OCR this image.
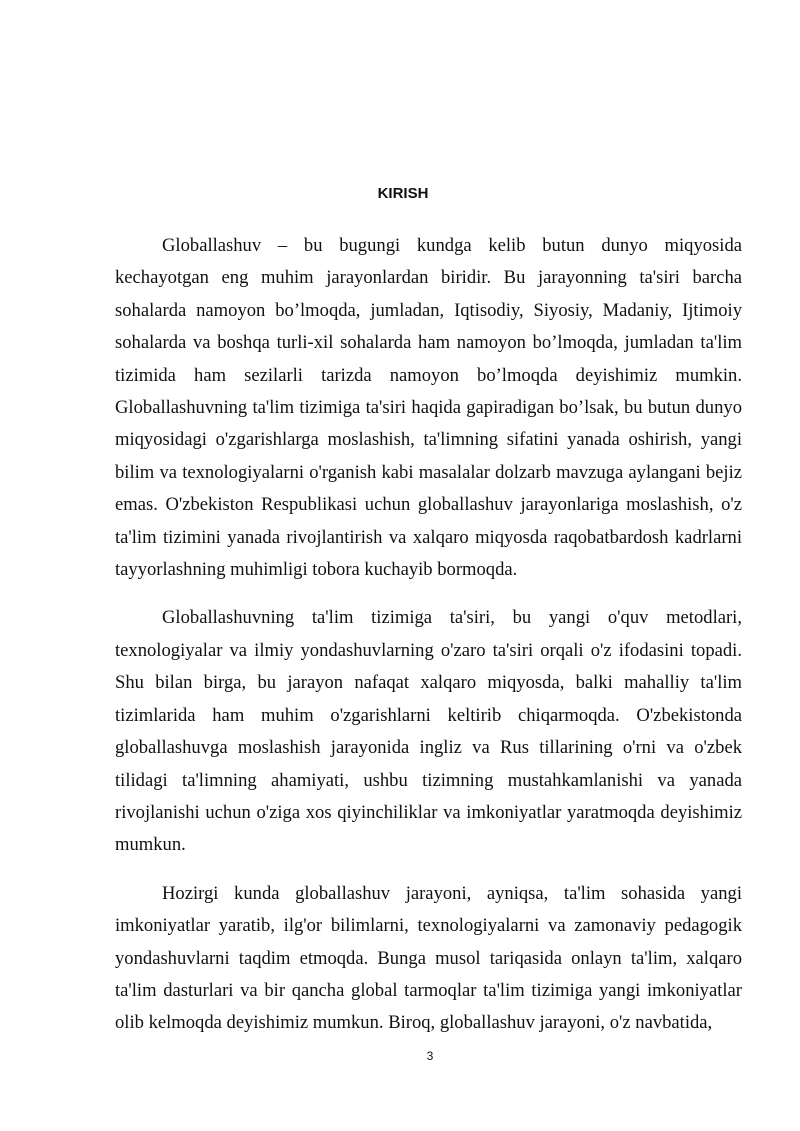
KIRISH

Globallashuv – bu bugungi kundga kelib butun dunyo miqyosida kechayotgan eng muhim jarayonlardan biridir. Bu jarayonning ta'siri barcha sohalarda namoyon bo’lmoqda, jumladan, Iqtisodiy, Siyosiy, Madaniy, Ijtimoiy sohalarda va boshqa turli-xil sohalarda ham namoyon bo’lmoqda, jumladan ta'lim tizimida ham sezilarli tarizda namoyon bo’lmoqda deyishimiz mumkin. Globallashuvning ta'lim tizimiga ta'siri haqida gapiradigan bo’lsak, bu butun dunyo miqyosidagi o'zgarishlarga moslashish, ta'limning sifatini yanada oshirish, yangi bilim va texnologiyalarni o'rganish kabi masalalar dolzarb mavzuga aylangani bejiz emas. O'zbekiston Respublikasi uchun globallashuv jarayonlariga moslashish, o'z ta'lim tizimini yanada rivojlantirish va xalqaro miqyosda raqobatbardosh kadrlarni tayyorlashning muhimligi tobora kuchayib bormoqda.

Globallashuvning ta'lim tizimiga ta'siri, bu yangi o'quv metodlari, texnologiyalar va ilmiy yondashuvlarning o'zaro ta'siri orqali o'z ifodasini topadi. Shu bilan birga, bu jarayon nafaqat xalqaro miqyosda, balki mahalliy ta'lim tizimlarida ham muhim o'zgarishlarni keltirib chiqarmoqda. O'zbekistonda globallashuvga moslashish jarayonida ingliz va Rus tillarining o'rni va o'zbek tilidagi ta'limning ahamiyati, ushbu tizimning mustahkamlanishi va yanada rivojlanishi uchun o'ziga xos qiyinchiliklar va imkoniyatlar yaratmoqda deyishimiz mumkun.

Hozirgi kunda globallashuv jarayoni, ayniqsa, ta'lim sohasida yangi imkoniyatlar yaratib, ilg'or bilimlarni, texnologiyalarni va zamonaviy pedagogik yondashuvlarni taqdim etmoqda. Bunga musol tariqasida onlayn ta'lim, xalqaro ta'lim dasturlari va bir qancha global tarmoqlar ta'lim tizimiga yangi imkoniyatlar olib kelmoqda deyishimiz mumkun. Biroq, globallashuv jarayoni, o'z navbatida,

3
